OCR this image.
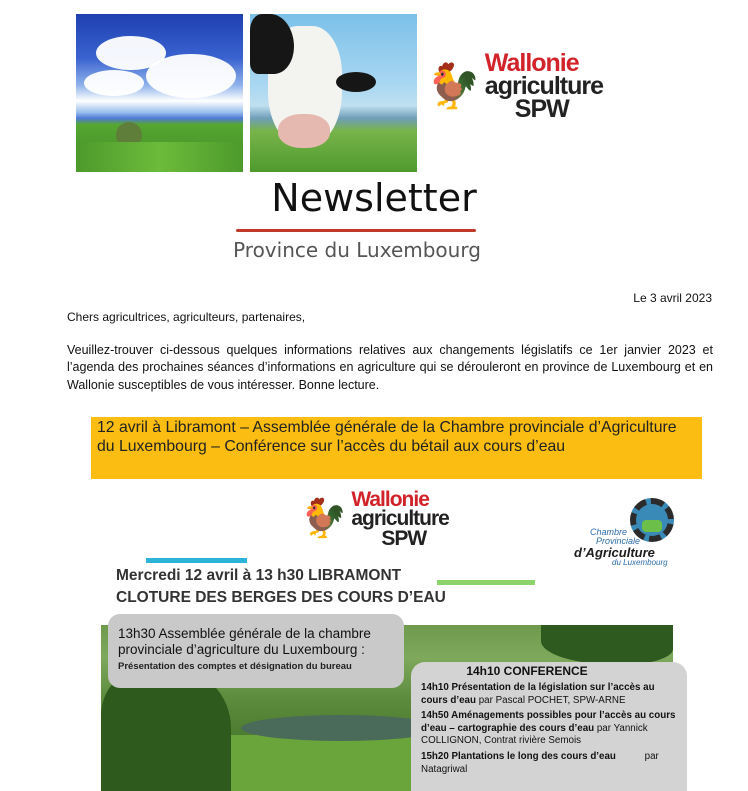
🐓 Wallonie
agriculture
SPW
Newsletter
Province du Luxembourg
Le 3 avril 2023
Chers agricultrices, agriculteurs, partenaires,
Veuillez-trouver ci-dessous quelques informations relatives aux changements législatifs ce 1er janvier 2023 et l’agenda des prochaines séances d’informations en agriculture qui se dérouleront en province de Luxembourg et en Wallonie susceptibles de vous intéresser. Bonne lecture.
12 avril à Libramont – Assemblée générale de la Chambre provinciale d’Agriculture du Luxembourg – Conférence sur l’accès du bétail aux cours d’eau
🐓 Wallonie
agriculture
SPW	Chambre
Provinciale
d’Agriculture
du Luxembourg
Mercredi 12 avril à 13 h30 LIBRAMONT
CLOTURE DES BERGES DES COURS D’EAU
13h30 Assemblée générale de la chambre provinciale d’agriculture du Luxembourg :
Présentation des comptes et désignation du bureau	14h10 CONFERENCE
14h10 Présentation de la législation sur l’accès au cours d’eau par Pascal POCHET, SPW-ARNE
14h50 Aménagements possibles pour l’accès au cours d’eau – cartographie des cours d’eau par Yannick COLLIGNON, Contrat rivière Semois
15h20 Plantations le long des cours d’eau	par Natagriwal
